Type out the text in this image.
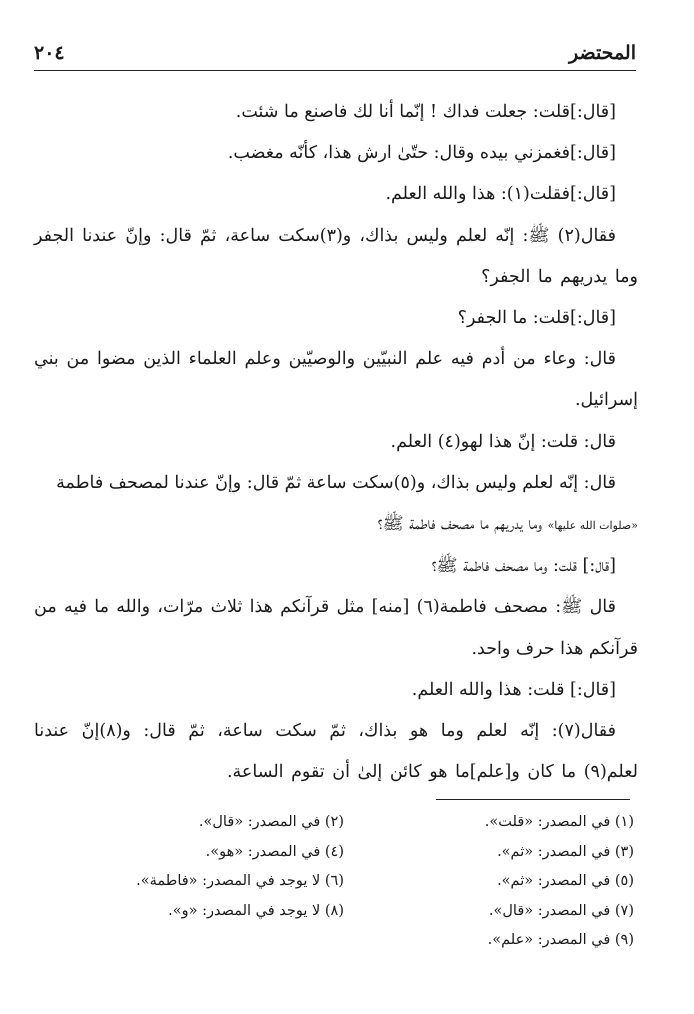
٢٠٤	المحتضر

[قال:]قلت: جعلت فداك ! إنّما أنا لك فاصنع ما شئت.

[قال:]فغمزني بيده وقال: حتّىٰ ارش هذا، كأنّه مغضب.

[قال:]فقلت(١): هذا والله العلم.

فقال(٢) ﷺ: إنّه لعلم وليس بذاك، و(٣)سكت ساعة، ثمّ قال: وإنّ عندنا الجفر وما يدريهم ما الجفر؟

[قال:]قلت: ما الجفر؟

قال: وعاء من أدم فيه علم النبيّين والوصيّين وعلم العلماء الذين مضوا من بني إسرائيل.

قال: قلت: إنّ هذا لهو(٤) العلم.

قال: إنّه لعلم وليس بذاك، و(٥)سكت ساعة ثمّ قال: وإنّ عندنا لمصحف فاطمة

«صلوات الله عليها» وما يدريهم ما مصحف فاطمة ﷺ؟

[قال:] قلت: وما مصحف فاطمة ﷺ؟

قال ﷺ: مصحف فاطمة(٦) [منه] مثل قرآنكم هذا ثلاث مرّات، والله ما فيه من قرآنكم هذا حرف واحد.

[قال:] قلت: هذا والله العلم.

فقال(٧): إنّه لعلم وما هو بذاك، ثمّ سكت ساعة، ثمّ قال: و(٨)إنّ عندنا لعلم(٩) ما كان و[علم]ما هو كائن إلىٰ أن تقوم الساعة.

(١) في المصدر: «قلت».
(٢) في المصدر: «قال».
(٣) في المصدر: «ثم».
(٤) في المصدر: «هو».
(٥) في المصدر: «ثم».
(٦) لا يوجد في المصدر: «فاطمة».
(٧) في المصدر: «قال».
(٨) لا يوجد في المصدر: «و».
(٩) في المصدر: «علم».
